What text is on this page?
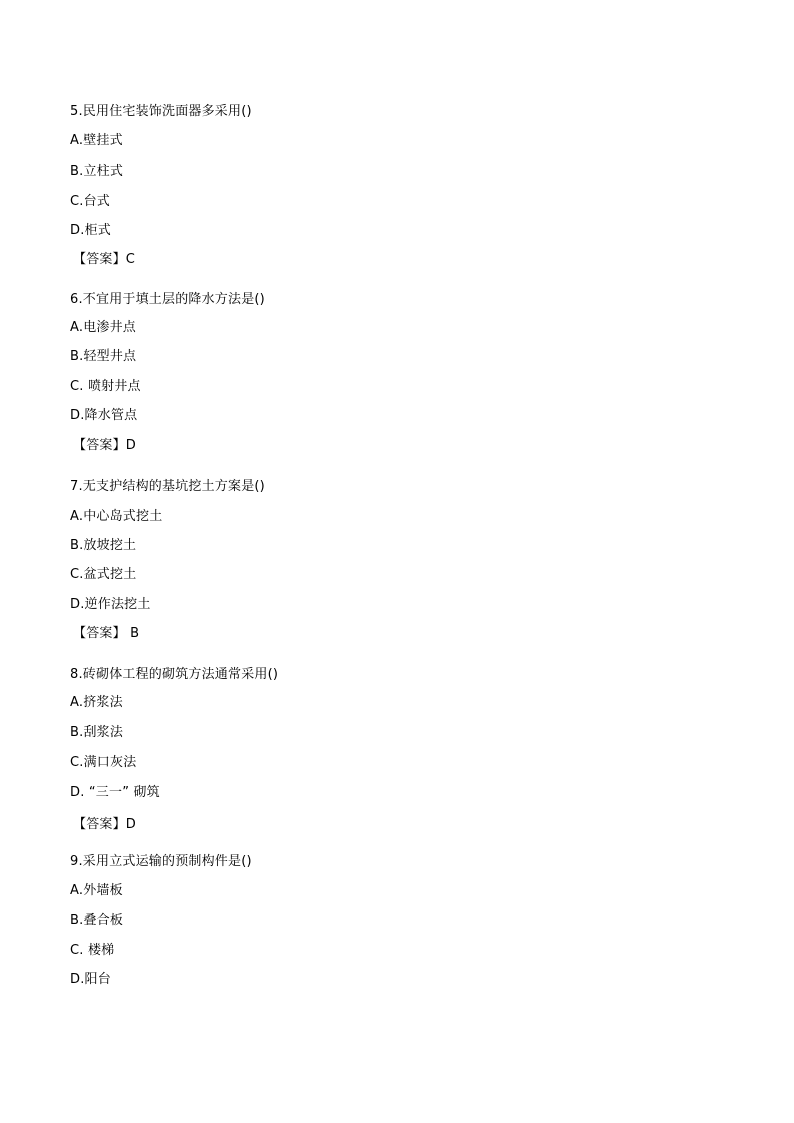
5.民用住宅装饰洗面器多采用()
A.壁挂式
B.立柱式
C.台式
D.柜式
【答案】C
6.不宜用于填土层的降水方法是()
A.电渗井点
B.轻型井点
C. 喷射井点
D.降水管点
【答案】D
7.无支护结构的基坑挖土方案是()
A.中心岛式挖土
B.放坡挖土
C.盆式挖土
D.逆作法挖土
【答案】 B
8.砖砌体工程的砌筑方法通常采用()
A.挤浆法
B.刮浆法
C.满口灰法
D. “三一” 砌筑
【答案】D
9.采用立式运输的预制构件是()
A.外墙板
B.叠合板
C. 楼梯
D.阳台
